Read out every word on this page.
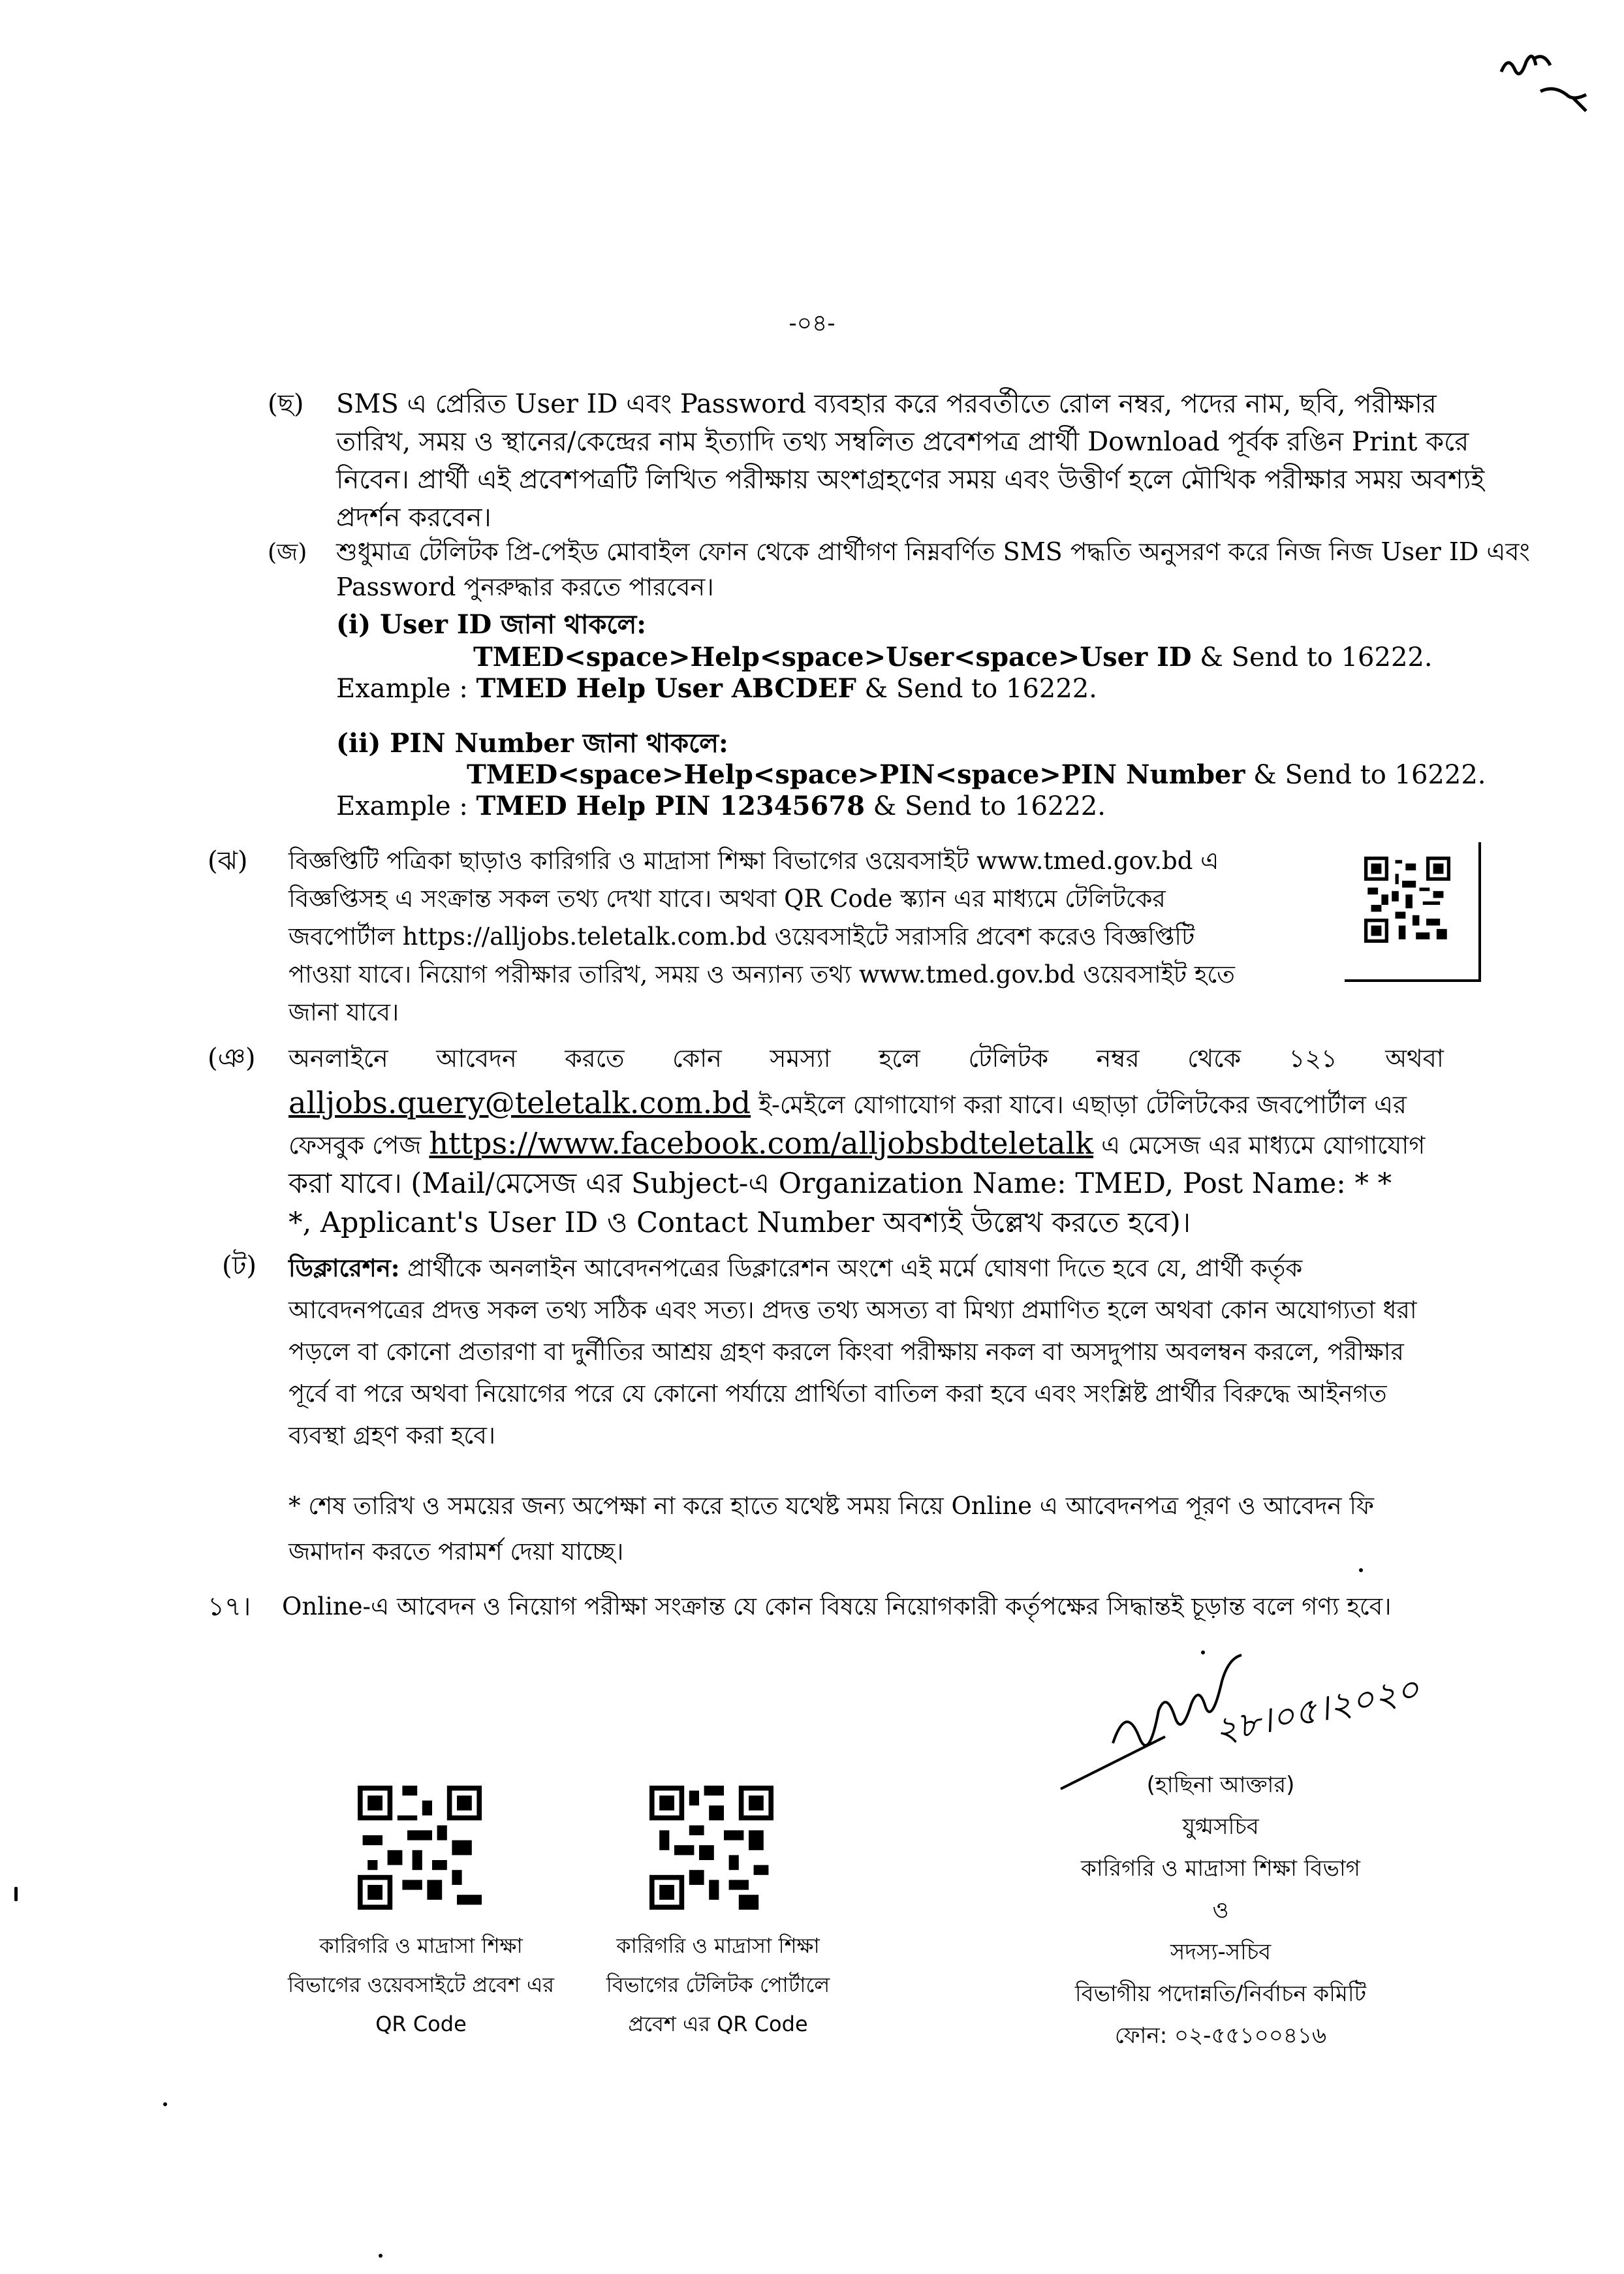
-০৪-
(ছ) SMS এ প্রেরিত User ID এবং Password ব্যবহার করে পরবর্তীতে রোল নম্বর, পদের নাম, ছবি, পরীক্ষার
তারিখ, সময় ও স্থানের/কেন্দ্রের নাম ইত্যাদি তথ্য সম্বলিত প্রবেশপত্র প্রার্থী Download পূর্বক রঙিন Print করে
নিবেন। প্রার্থী এই প্রবেশপত্রটি লিখিত পরীক্ষায় অংশগ্রহণের সময় এবং উত্তীর্ণ হলে মৌখিক পরীক্ষার সময় অবশ্যই
প্রদর্শন করবেন।
(জ) শুধুমাত্র টেলিটক প্রি-পেইড মোবাইল ফোন থেকে প্রার্থীগণ নিম্নবর্ণিত SMS পদ্ধতি অনুসরণ করে নিজ নিজ User ID এবং
Password পুনরুদ্ধার করতে পারবেন।
(i) User ID জানা থাকলে:
TMED<space>Help<space>User<space>User ID & Send to 16222.
Example : TMED Help User ABCDEF & Send to 16222.
(ii) PIN Number জানা থাকলে:
TMED<space>Help<space>PIN<space>PIN Number & Send to 16222.
Example : TMED Help PIN 12345678 & Send to 16222.
(ঝ) বিজ্ঞপ্তিটি পত্রিকা ছাড়াও কারিগরি ও মাদ্রাসা শিক্ষা বিভাগের ওয়েবসাইট www.tmed.gov.bd এ
বিজ্ঞপ্তিসহ এ সংক্রান্ত সকল তথ্য দেখা যাবে। অথবা QR Code স্ক্যান এর মাধ্যমে টেলিটকের
জবপোর্টাল https://alljobs.teletalk.com.bd ওয়েবসাইটে সরাসরি প্রবেশ করেও বিজ্ঞপ্তিটি
পাওয়া যাবে। নিয়োগ পরীক্ষার তারিখ, সময় ও অন্যান্য তথ্য www.tmed.gov.bd ওয়েবসাইট হতে
জানা যাবে।
(ঞ) অনলাইনে আবেদন করতে কোন সমস্যা হলে টেলিটক নম্বর থেকে ১২১ অথবা
alljobs.query@teletalk.com.bd ই-মেইলে যোগাযোগ করা যাবে। এছাড়া টেলিটকের জবপোর্টাল এর
ফেসবুক পেজ https://www.facebook.com/alljobsbdteletalk এ মেসেজ এর মাধ্যমে যোগাযোগ
করা যাবে। (Mail/মেসেজ এর Subject-এ Organization Name: TMED, Post Name: * *
*, Applicant's User ID ও Contact Number অবশ্যই উল্লেখ করতে হবে)।
(ট) ডিক্লারেশন: প্রার্থীকে অনলাইন আবেদনপত্রের ডিক্লারেশন অংশে এই মর্মে ঘোষণা দিতে হবে যে, প্রার্থী কর্তৃক
আবেদনপত্রের প্রদত্ত সকল তথ্য সঠিক এবং সত্য। প্রদত্ত তথ্য অসত্য বা মিথ্যা প্রমাণিত হলে অথবা কোন অযোগ্যতা ধরা
পড়লে বা কোনো প্রতারণা বা দুর্নীতির আশ্রয় গ্রহণ করলে কিংবা পরীক্ষায় নকল বা অসদুপায় অবলম্বন করলে, পরীক্ষার
পূর্বে বা পরে অথবা নিয়োগের পরে যে কোনো পর্যায়ে প্রার্থিতা বাতিল করা হবে এবং সংশ্লিষ্ট প্রার্থীর বিরুদ্ধে আইনগত
ব্যবস্থা গ্রহণ করা হবে।
* শেষ তারিখ ও সময়ের জন্য অপেক্ষা না করে হাতে যথেষ্ট সময় নিয়ে Online এ আবেদনপত্র পূরণ ও আবেদন ফি
জমাদান করতে পরামর্শ দেয়া যাচ্ছে।
১৭। Online-এ আবেদন ও নিয়োগ পরীক্ষা সংক্রান্ত যে কোন বিষয়ে নিয়োগকারী কর্তৃপক্ষের সিদ্ধান্তই চূড়ান্ত বলে গণ্য হবে।
২৮।০৫।২০২০
(হাছিনা আক্তার)
যুগ্মসচিব
কারিগরি ও মাদ্রাসা শিক্ষা বিভাগ
ও
সদস্য-সচিব
বিভাগীয় পদোন্নতি/নির্বাচন কমিটি
ফোন: ০২-৫৫১০০৪১৬
কারিগরি ও মাদ্রাসা শিক্ষা
বিভাগের ওয়েবসাইটে প্রবেশ এর
QR Code
কারিগরি ও মাদ্রাসা শিক্ষা
বিভাগের টেলিটক পোর্টালে
প্রবেশ এর QR Code
